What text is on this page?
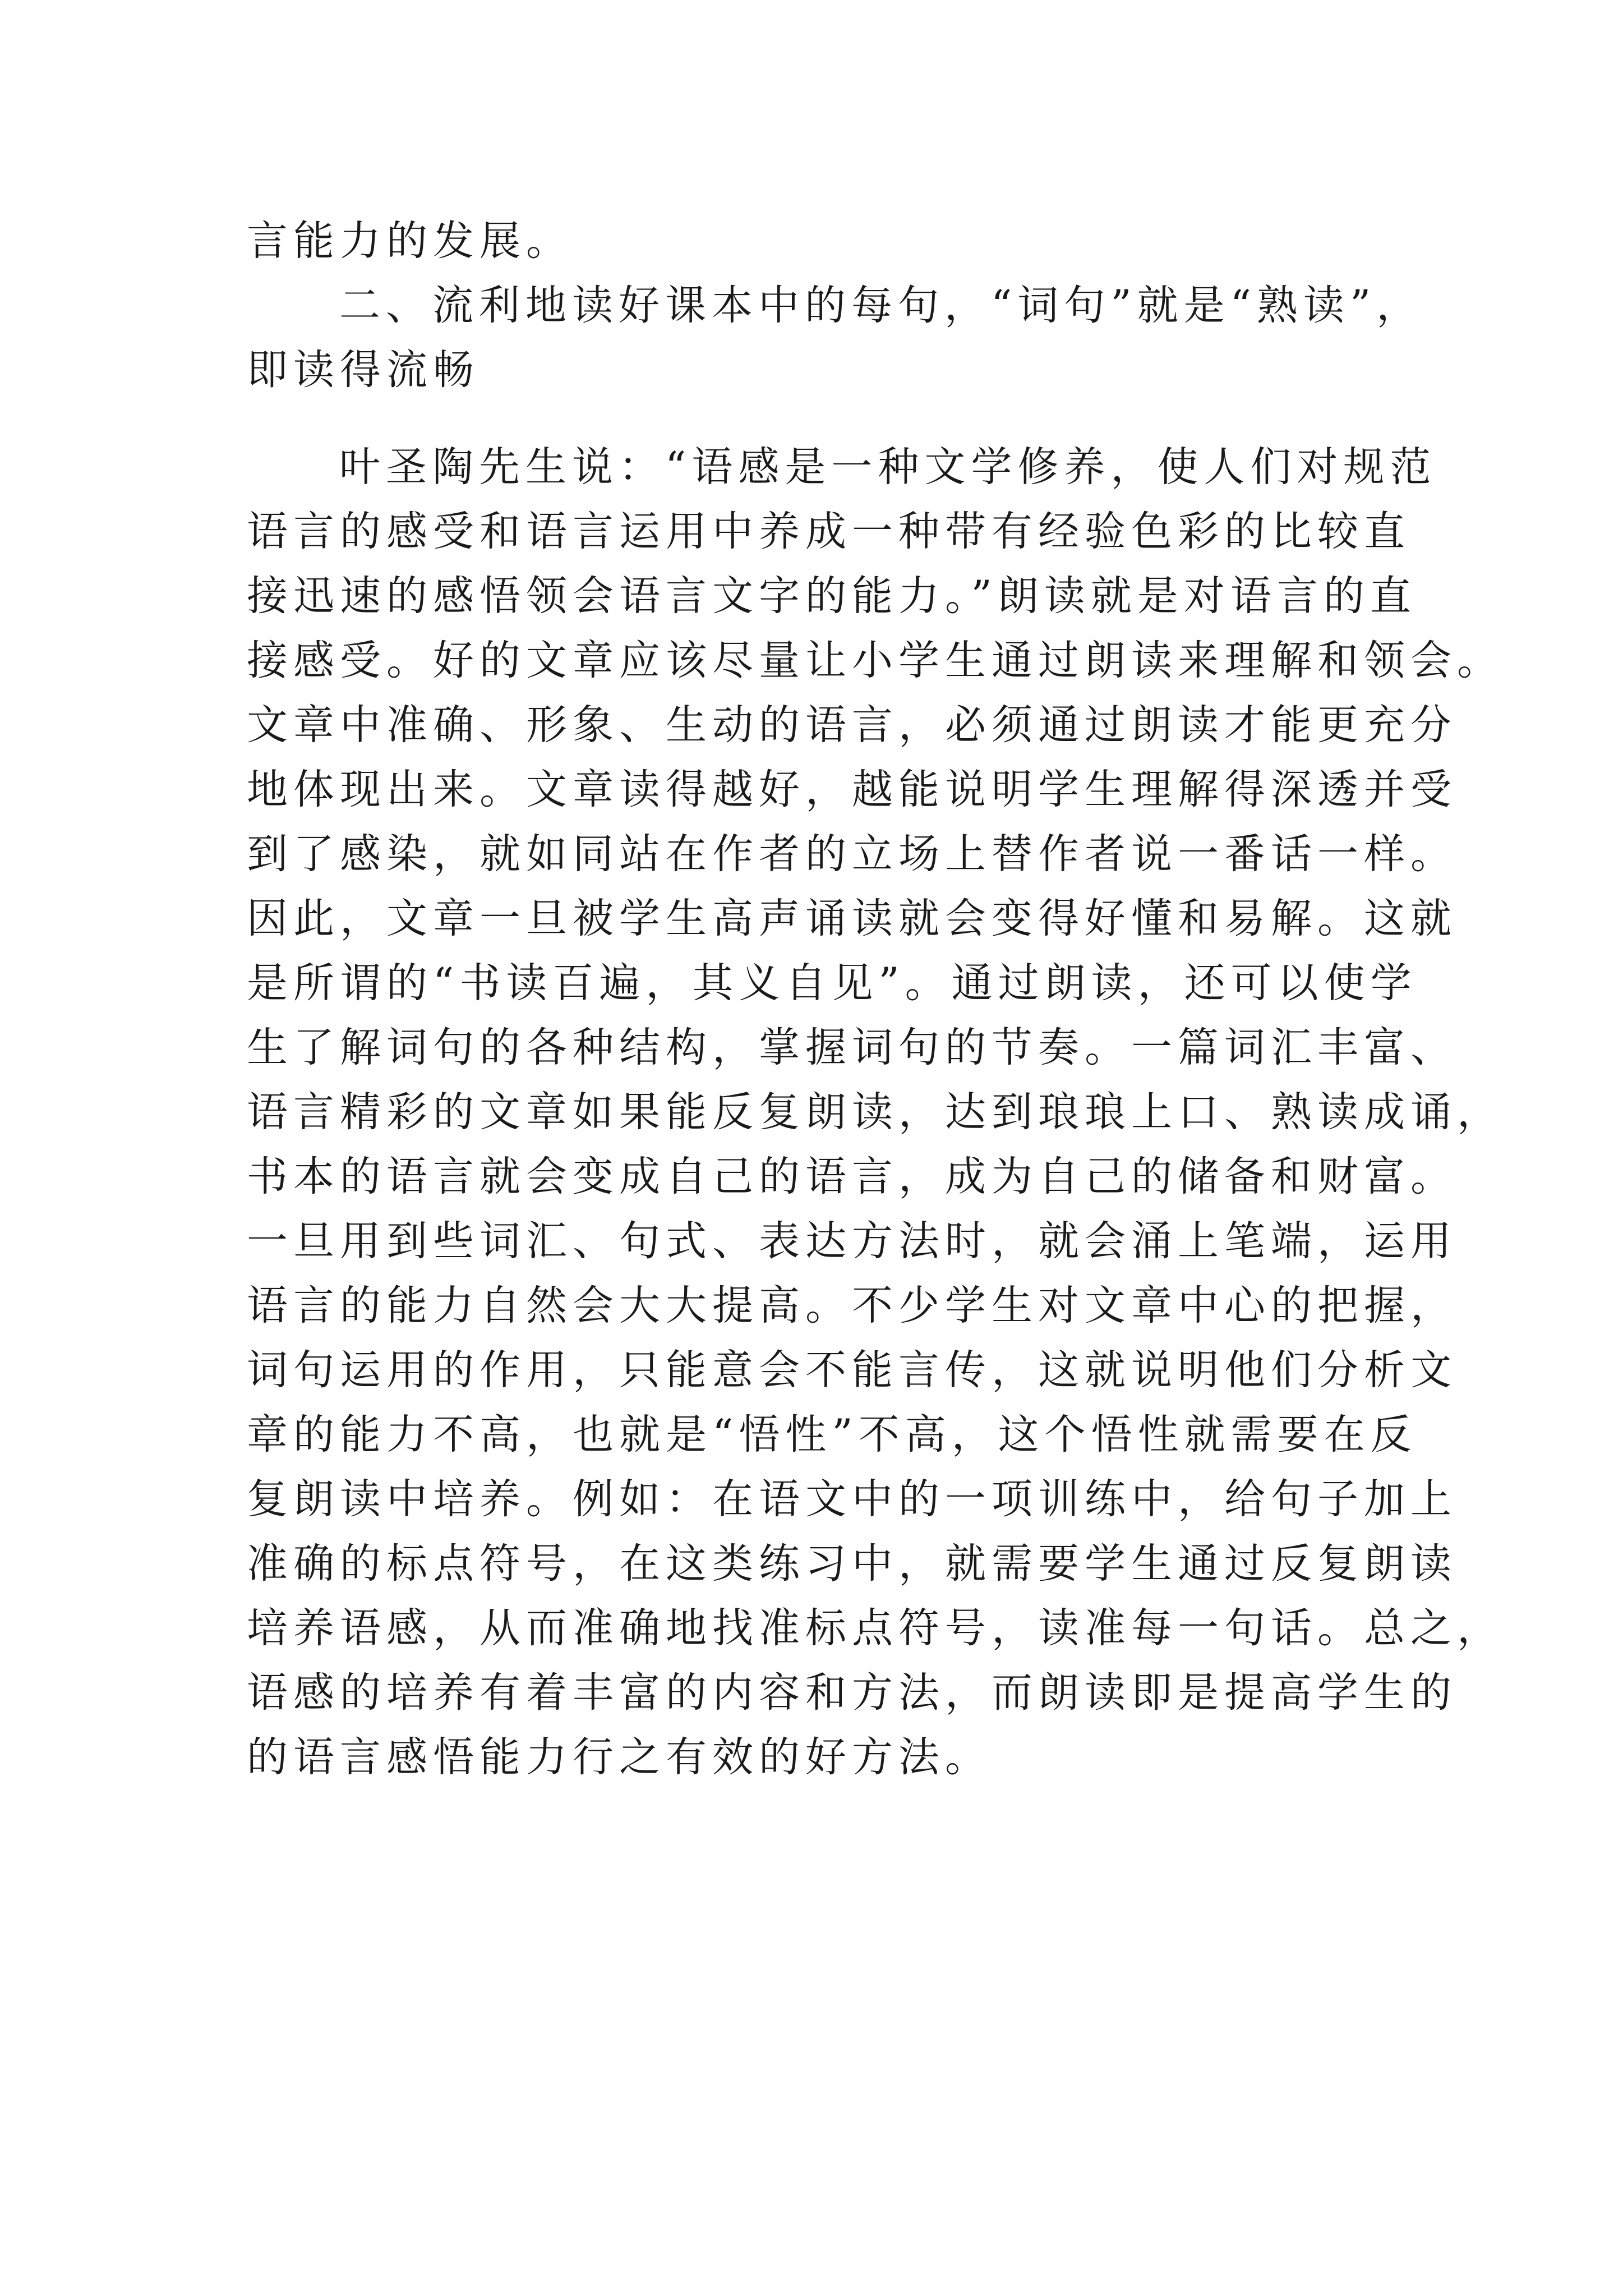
言能力的发展。
二、流利地读好课本中的每句，“词句”就是“熟读”，
即读得流畅
叶圣陶先生说：“语感是一种文学修养，使人们对规范
语言的感受和语言运用中养成一种带有经验色彩的比较直
接迅速的感悟领会语言文字的能力。”朗读就是对语言的直
接感受。好的文章应该尽量让小学生通过朗读来理解和领会。
文章中准确、形象、生动的语言，必须通过朗读才能更充分
地体现出来。文章读得越好，越能说明学生理解得深透并受
到了感染，就如同站在作者的立场上替作者说一番话一样。
因此，文章一旦被学生高声诵读就会变得好懂和易解。这就
是所谓的“书读百遍，其义自见”。通过朗读，还可以使学
生了解词句的各种结构，掌握词句的节奏。一篇词汇丰富、
语言精彩的文章如果能反复朗读，达到琅琅上口、熟读成诵，
书本的语言就会变成自己的语言，成为自己的储备和财富。
一旦用到些词汇、句式、表达方法时，就会涌上笔端，运用
语言的能力自然会大大提高。不少学生对文章中心的把握，
词句运用的作用，只能意会不能言传，这就说明他们分析文
章的能力不高，也就是“悟性”不高，这个悟性就需要在反
复朗读中培养。例如：在语文中的一项训练中，给句子加上
准确的标点符号，在这类练习中，就需要学生通过反复朗读
培养语感，从而准确地找准标点符号，读准每一句话。总之，
语感的培养有着丰富的内容和方法，而朗读即是提高学生的
的语言感悟能力行之有效的好方法。
